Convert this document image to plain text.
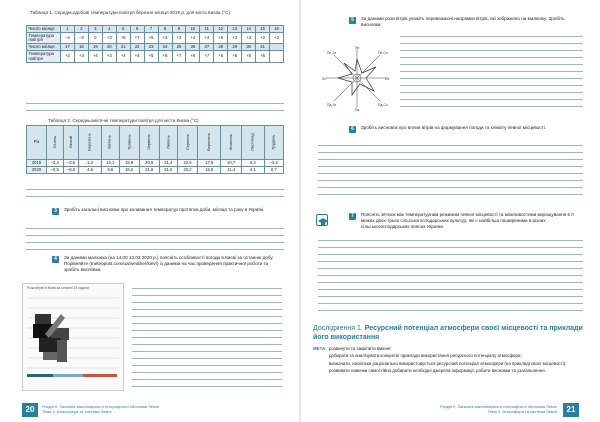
Таблиця 1. Середньодобові температури повітря березня місяця 2019 р. для міста Києва (°С)
Число місяця	1	2	3	4	5	6	7	8	9	10	11	12	13	14	15	16
Температура повітря	–4	–3	0	+3	+5	+7	+5	+3	+3	+4	+4	+5	+3	+3	+2	+3
Число місяця	17	18	19	20	21	22	23	24	25	26	27	28	29	30	31	
Температура повітря	+2	+3	+4	+3	+4	+4	+5	+6	+7	+6	+7	+6	+6	+5	+6	
Таблиця 2. Середньомісячні температури повітря для міста Києва (°С)
Рік	Січень	Лютий	Березень	Квітень	Травень	Червень	Липень	Серпень	Вересень	Жовтень	Листопад	Грудень
2015	–3,4	–3,5	1,3	13,1	15,8	20,6	21,4	22,5	17,5	10,7	0,3	–3,2
2020	–0,5	–0,8	4,5	9,6	15,2	21,8	21,5	23,2	15,5	11,4	4,1	0,7
3	Зробіть загальні висновки про коливання температур протягом доби, місяця та року в Україні.
4	За даними малюнка (на 14.00 13.02.2020 р.) поясніть особливості погоди в Києві за останню добу. Порівняйте (meteopost.com/ua/weather/kiev/) із даними на час проведення практичної роботи та зробіть висновки.
Роза вітрів в Києві за останні 24 години
20	Розділ ІІ. Загальні закономірності географічної оболонки Землі
Тема 4. Атмосфера та системи Землі
5	За даними рози вітрів укажіть переважаючі напрямки вітрів, які зображено на малюнку. Зробіть висновки.
Пн
Пд
Сх
Зх
Пн-Сх
Пн-Зх
Пд-Сх
Пд-Зх
6	Зробіть висновок про вплив вітрів на формування погоди та клімату певної місцевості.
7	Поясніть зв'язок між температурним режимом певної місцевості та можливостями вирощування в її межах двох-трьох сільськогосподарських культур, які є найбільш поширеними в різних сільськогосподарських поясах України.
Дослідження 1. Ресурсний потенціал атмосфери своєї місцевості та приклади його використання
МЕТА: розвинути та закріпити вміння:
добирати та аналізувати конкретні приклади використання ресурсного потенціалу атмосфери;
визначати, наскільки раціонально використовується ресурсний потенціал атмосфери (на прикладі своєї місцевості);
розвивати навички самостійно добирати необхідні джерела інформації, робити висновки та узагальнення.
Розділ ІІ. Загальні закономірності географічної оболонки Землі
Тема 4. Атмосфера та системи Землі	21
